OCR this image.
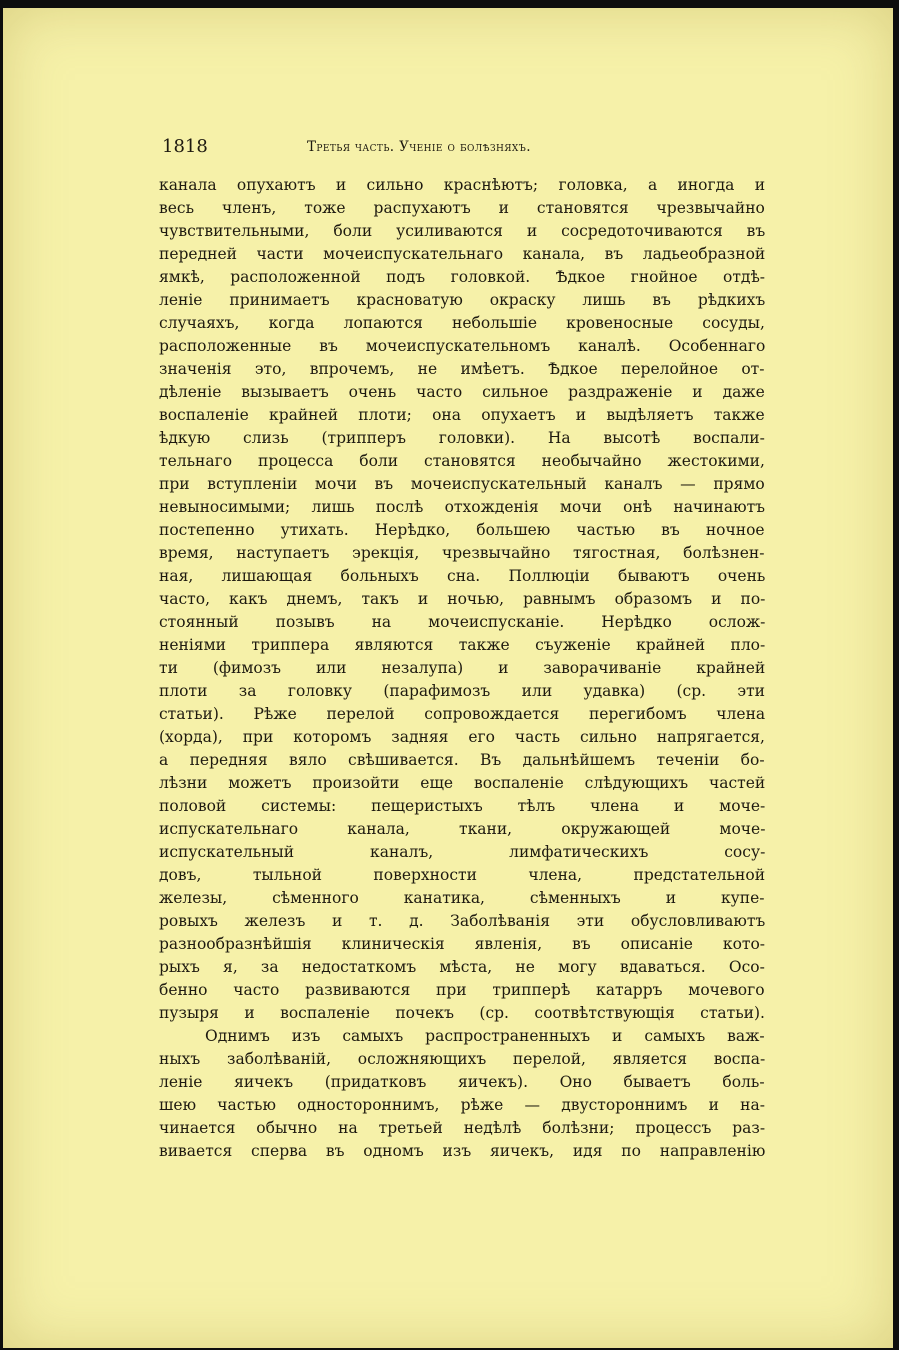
1818	Третья часть. Ученiе о болѣзняхъ.
канала опухаютъ и сильно краснѣютъ; головка, а иногда и
весь членъ, тоже распухаютъ и становятся чрезвычайно
чувствительными, боли усиливаются и сосредоточиваются въ
передней части мочеиспускательнаго канала, въ ладьеобразной
ямкѣ, расположенной подъ головкой. Ѣдкое гнойное отдѣ-
ленiе принимаетъ красноватую окраску лишь въ рѣдкихъ
случаяхъ, когда лопаются небольшiе кровеносные сосуды,
расположенные въ мочеиспускательномъ каналѣ. Особеннаго
значенiя это, впрочемъ, не имѣетъ. Ѣдкое перелойное от-
дѣленiе вызываетъ очень часто сильное раздраженiе и даже
воспаленiе крайней плоти; она опухаетъ и выдѣляетъ также
ѣдкую слизь (трипперъ головки). На высотѣ воспали-
тельнаго процесса боли становятся необычайно жестокими,
при вступленiи мочи въ мочеиспускательный каналъ — прямо
невыносимыми; лишь послѣ отхожденiя мочи онѣ начинаютъ
постепенно утихать. Нерѣдко, большею частью въ ночное
время, наступаетъ эрекцiя, чрезвычайно тягостная, болѣзнен-
ная, лишающая больныхъ сна. Поллюцiи бываютъ очень
часто, какъ днемъ, такъ и ночью, равнымъ образомъ и по-
стоянный позывъ на мочеиспусканiе. Нерѣдко ослож-
ненiями триппера являются также съуженiе крайней пло-
ти (фимозъ или незалупа) и заворачиванiе крайней
плоти за головку (парафимозъ или удавка) (ср. эти
статьи). Рѣже перелой сопровождается перегибомъ члена
(хорда), при которомъ задняя его часть сильно напрягается,
а передняя вяло свѣшивается. Въ дальнѣйшемъ теченiи бо-
лѣзни можетъ произойти еще воспаленiе слѣдующихъ частей
половой системы: пещеристыхъ тѣлъ члена и моче-
испускательнаго канала, ткани, окружающей моче-
испускательный каналъ, лимфатическихъ сосу-
довъ, тыльной поверхности члена, предстательной
железы, сѣменного канатика, сѣменныхъ и купе-
ровыхъ железъ и т. д. Заболѣванiя эти обусловливаютъ
разнообразнѣйшiя клиническiя явленiя, въ описанiе кото-
рыхъ я, за недостаткомъ мѣста, не могу вдаваться. Осо-
бенно часто развиваются при трипперѣ катарръ мочевого
пузыря и воспаленiе почекъ (ср. соотвѣтствующiя статьи).
Однимъ изъ самыхъ распространенныхъ и самыхъ важ-
ныхъ заболѣванiй, осложняющихъ перелой, является воспа-
ленiе яичекъ (придатковъ яичекъ). Оно бываетъ боль-
шею частью одностороннимъ, рѣже — двустороннимъ и на-
чинается обычно на третьей недѣлѣ болѣзни; процессъ раз-
вивается сперва въ одномъ изъ яичекъ, идя по направленiю
